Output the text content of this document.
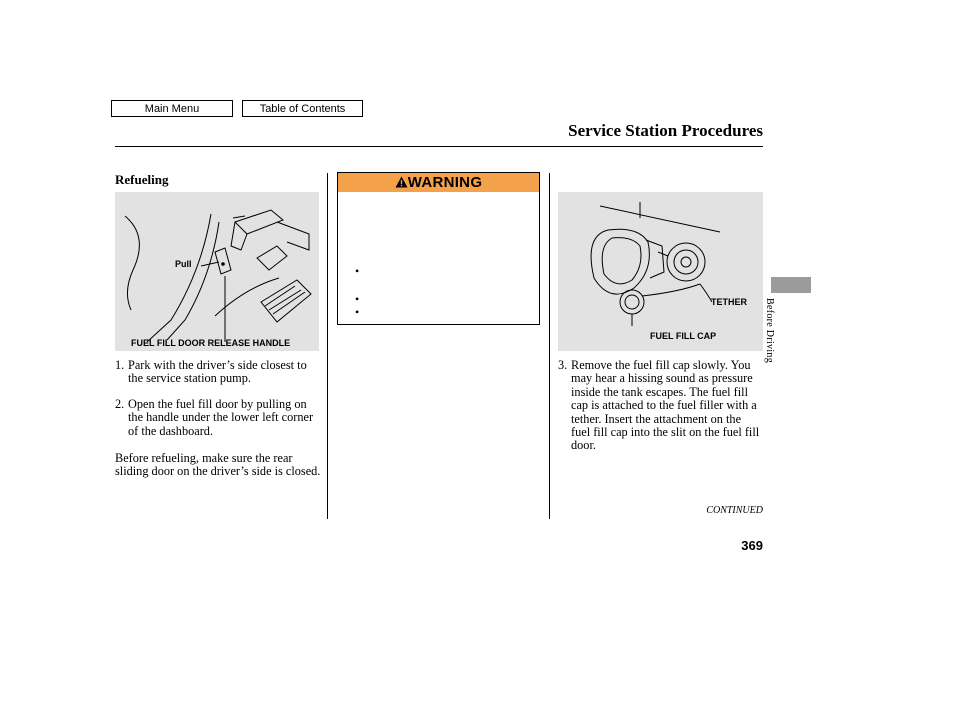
Main Menu	Table of Contents
Service Station Procedures
Refueling
Pull
FUEL FILL DOOR RELEASE HANDLE
1. Park with the driver’s side closest to the service station pump.
2. Open the fuel fill door by pulling on the handle under the lower left corner of the dashboard.
Before refueling, make sure the rear sliding door on the driver’s side is closed.
WARNING
•
•
•
TETHER
FUEL FILL CAP
3. Remove the fuel fill cap slowly. You may hear a hissing sound as pressure inside the tank escapes. The fuel fill cap is attached to the fuel filler with a tether. Insert the attachment on the fuel fill cap into the slit on the fuel fill door.
Before Driving
CONTINUED
369
